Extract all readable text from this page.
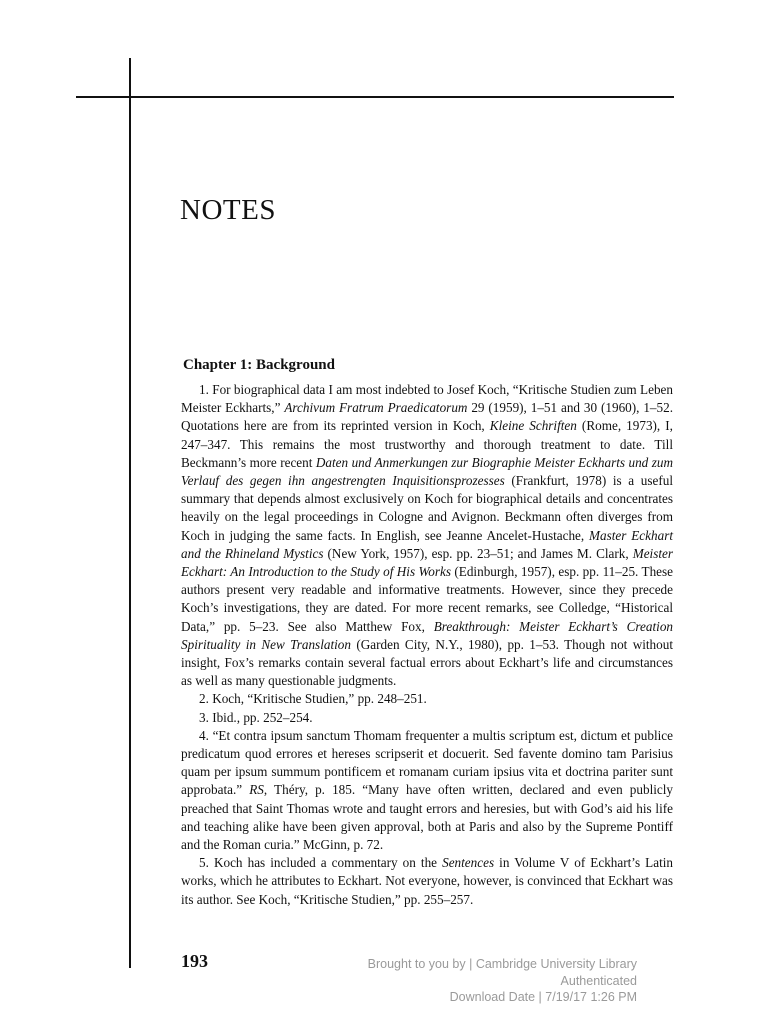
NOTES
Chapter 1: Background

1. For biographical data I am most indebted to Josef Koch, “Kritische Studien zum Leben Meister Eckharts,” Archivum Fratrum Praedicatorum 29 (1959), 1–51 and 30 (1960), 1–52. Quotations here are from its reprinted version in Koch, Kleine Schriften (Rome, 1973), I, 247–347. This remains the most trustworthy and thorough treatment to date. Till Beckmann’s more recent Daten und Anmerkungen zur Biographie Meister Eckharts und zum Verlauf des gegen ihn angestrengten Inquisitionsprozesses (Frankfurt, 1978) is a useful summary that depends almost exclusively on Koch for biographical details and concentrates heavily on the legal proceedings in Cologne and Avignon. Beckmann often diverges from Koch in judging the same facts. In English, see Jeanne Ancelet-Hustache, Master Eckhart and the Rhineland Mystics (New York, 1957), esp. pp. 23–51; and James M. Clark, Meister Eckhart: An Introduction to the Study of His Works (Edinburgh, 1957), esp. pp. 11–25. These authors present very readable and informative treatments. However, since they precede Koch’s investigations, they are dated. For more recent remarks, see Colledge, “Historical Data,” pp. 5–23. See also Matthew Fox, Breakthrough: Meister Eckhart’s Creation Spirituality in New Translation (Garden City, N.Y., 1980), pp. 1–53. Though not without insight, Fox’s remarks contain several factual errors about Eckhart’s life and circumstances as well as many questionable judgments.

2. Koch, “Kritische Studien,” pp. 248–251.

3. Ibid., pp. 252–254.

4. “Et contra ipsum sanctum Thomam frequenter a multis scriptum est, dictum et publice predicatum quod errores et hereses scripserit et docuerit. Sed favente domino tam Parisius quam per ipsum summum pontificem et romanam curiam ipsius vita et doctrina pariter sunt approbata.” RS, Théry, p. 185. “Many have often written, declared and even publicly preached that Saint Thomas wrote and taught errors and heresies, but with God’s aid his life and teaching alike have been given approval, both at Paris and also by the Supreme Pontiff and the Roman curia.” McGinn, p. 72.

5. Koch has included a commentary on the Sentences in Volume V of Eckhart’s Latin works, which he attributes to Eckhart. Not everyone, however, is convinced that Eckhart was its author. See Koch, “Kritische Studien,” pp. 255–257.

193	Brought to you by | Cambridge University Library
Authenticated
Download Date | 7/19/17 1:26 PM
